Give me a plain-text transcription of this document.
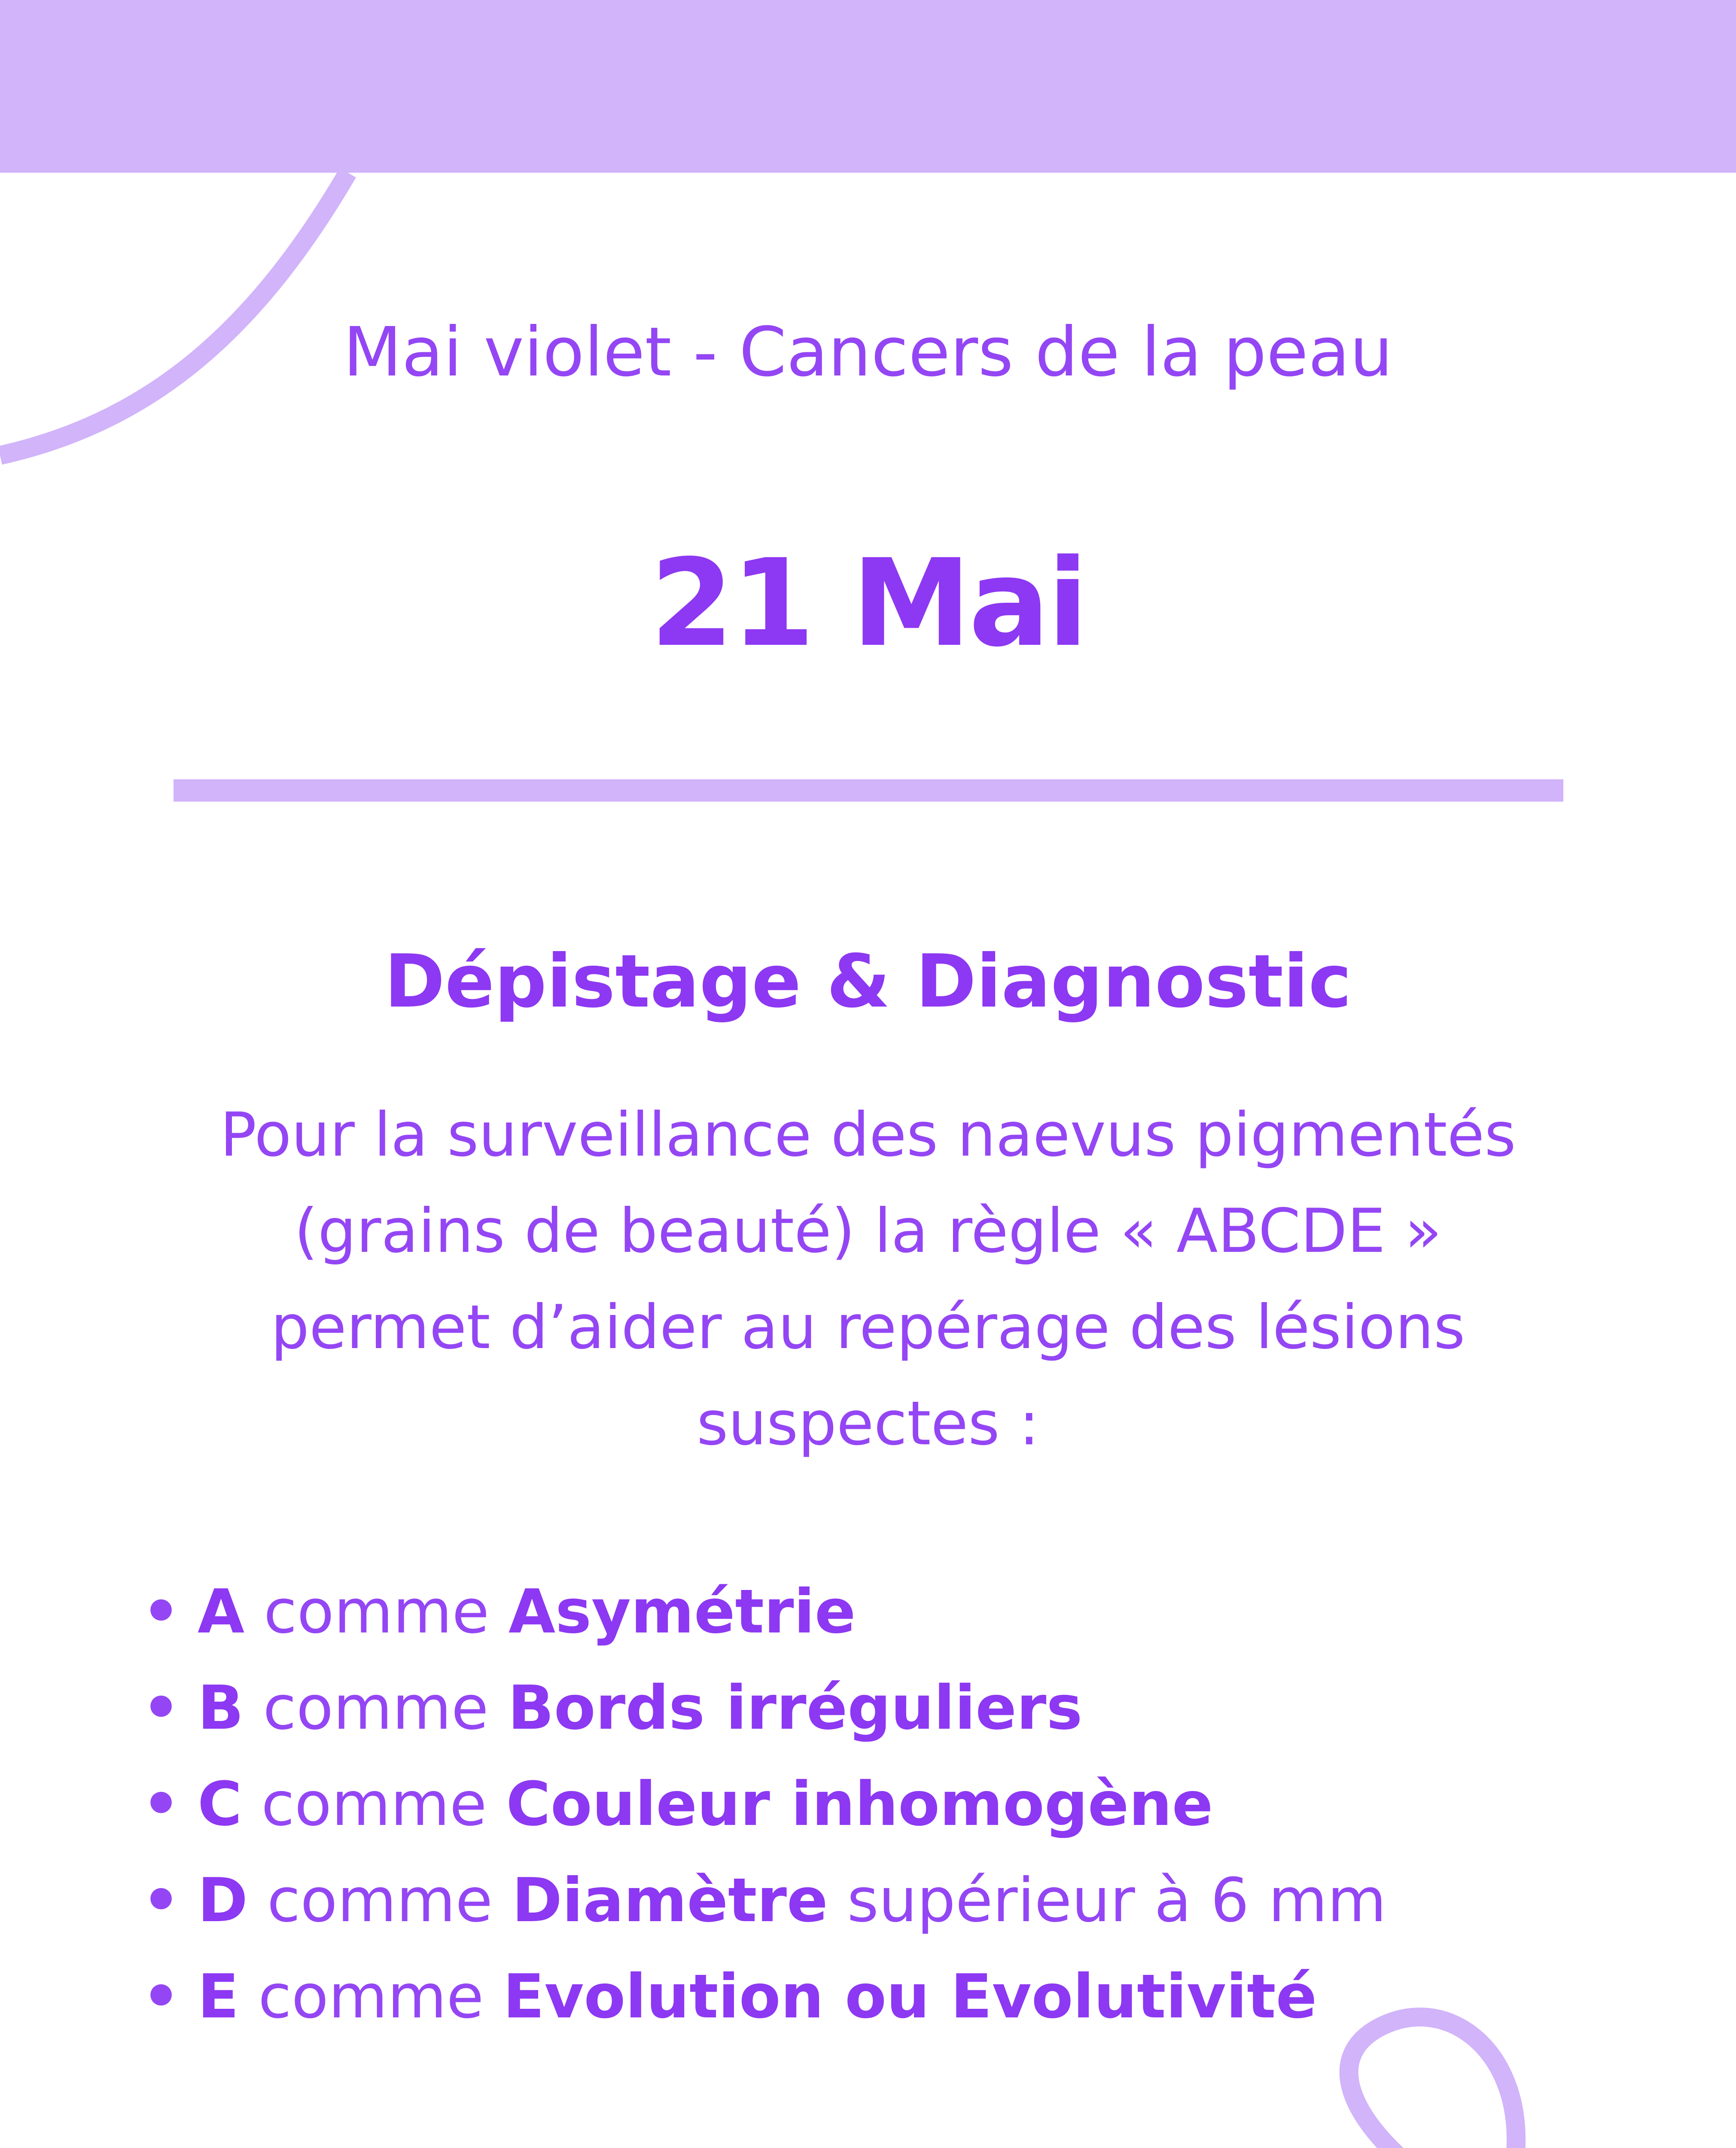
Mai violet - Cancers de la peau
21 Mai
Dépistage & Diagnostic
Pour la surveillance des naevus pigmentés
(grains de beauté) la règle « ABCDE »
permet d’aider au repérage des lésions
suspectes :
• A comme Asymétrie
• B comme Bords irréguliers
• C comme Couleur inhomogène
• D comme Diamètre supérieur à 6 mm
• E comme Evolution ou Evolutivité
